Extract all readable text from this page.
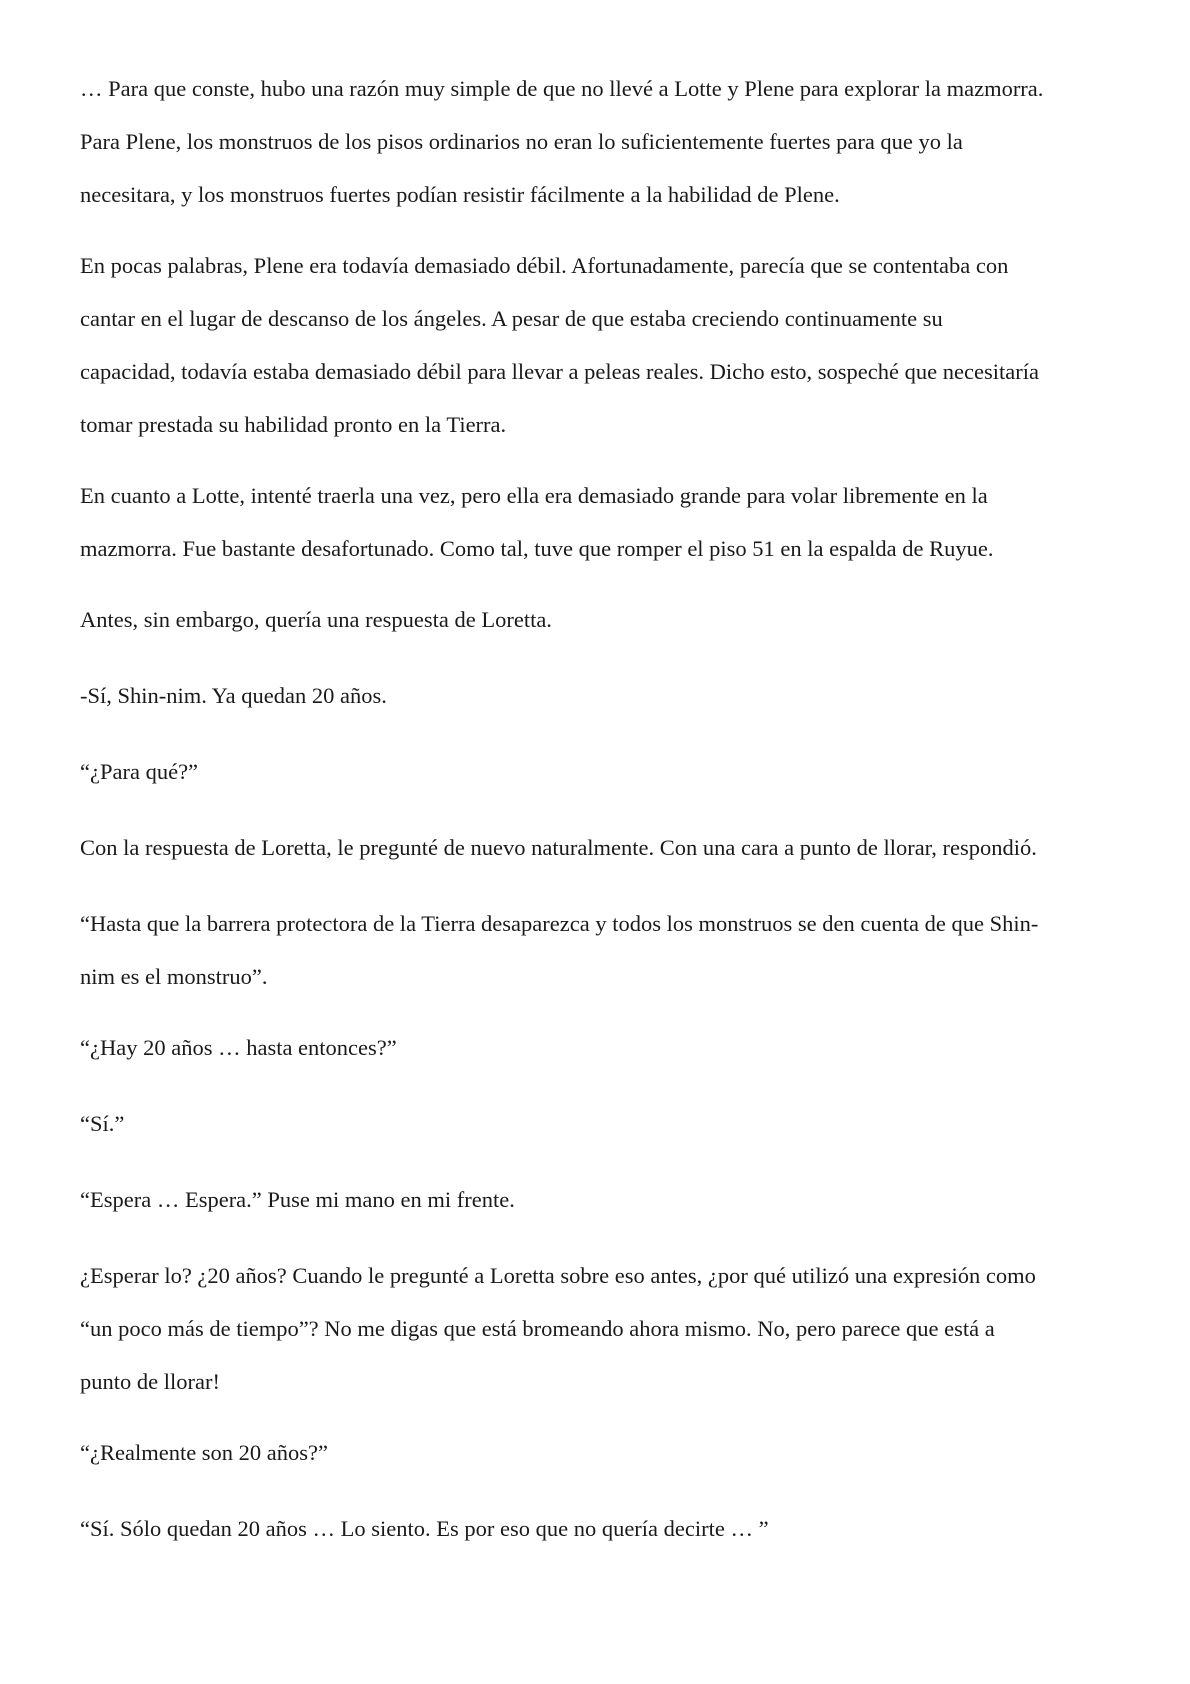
… Para que conste, hubo una razón muy simple de que no llevé a Lotte y Plene para explorar la mazmorra.
Para Plene, los monstruos de los pisos ordinarios no eran lo suficientemente fuertes para que yo la
necesitara, y los monstruos fuertes podían resistir fácilmente a la habilidad de Plene.

En pocas palabras, Plene era todavía demasiado débil. Afortunadamente, parecía que se contentaba con
cantar en el lugar de descanso de los ángeles. A pesar de que estaba creciendo continuamente su
capacidad, todavía estaba demasiado débil para llevar a peleas reales. Dicho esto, sospeché que necesitaría
tomar prestada su habilidad pronto en la Tierra.

En cuanto a Lotte, intenté traerla una vez, pero ella era demasiado grande para volar libremente en la
mazmorra. Fue bastante desafortunado. Como tal, tuve que romper el piso 51 en la espalda de Ruyue.

Antes, sin embargo, quería una respuesta de Loretta.

-Sí, Shin-nim. Ya quedan 20 años.

“¿Para qué?”

Con la respuesta de Loretta, le pregunté de nuevo naturalmente. Con una cara a punto de llorar, respondió.

“Hasta que la barrera protectora de la Tierra desaparezca y todos los monstruos se den cuenta de que Shin-
nim es el monstruo”.

“¿Hay 20 años … hasta entonces?”

“Sí.”

“Espera … Espera.” Puse mi mano en mi frente.

¿Esperar lo? ¿20 años? Cuando le pregunté a Loretta sobre eso antes, ¿por qué utilizó una expresión como
“un poco más de tiempo”? No me digas que está bromeando ahora mismo. No, pero parece que está a
punto de llorar!

“¿Realmente son 20 años?”

“Sí. Sólo quedan 20 años … Lo siento. Es por eso que no quería decirte … ”
